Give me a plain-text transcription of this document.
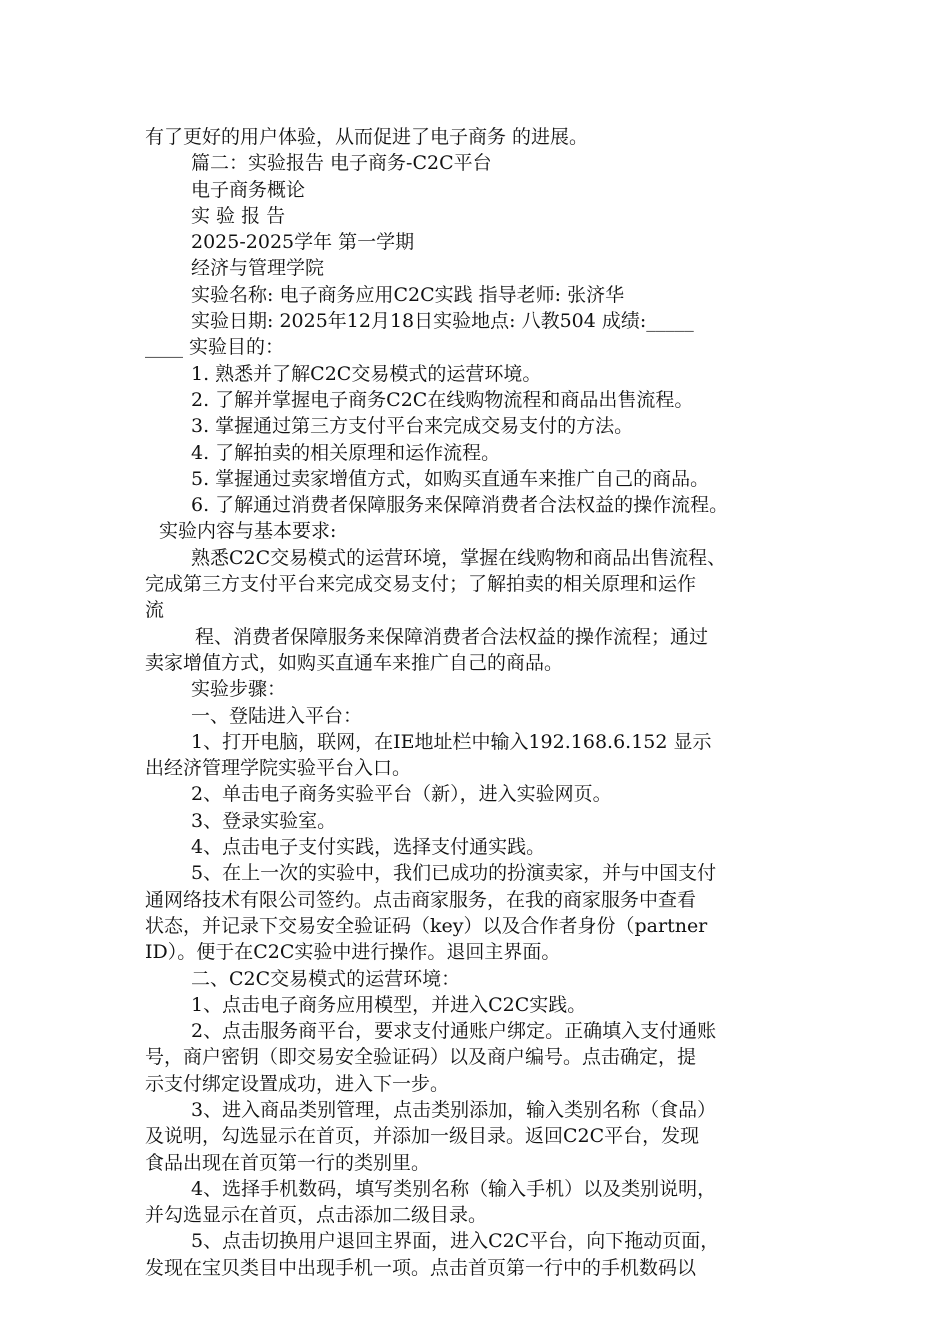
有了更好的用户体验，从而促进了电子商务 的进展。
篇二：实验报告 电子商务-C2C平台
电子商务概论
实 验 报 告
2025-2025学年 第一学期
经济与管理学院
实验名称: 电子商务应用C2C实践 指导老师: 张济华
实验日期: 2025年12月18日实验地点: 八教504 成绩:_____
____ 实验目的：
1. 熟悉并了解C2C交易模式的运营环境。
2. 了解并掌握电子商务C2C在线购物流程和商品出售流程。
3. 掌握通过第三方支付平台来完成交易支付的方法。
4. 了解拍卖的相关原理和运作流程。
5. 掌握通过卖家增值方式，如购买直通车来推广自己的商品。
6. 了解通过消费者保障服务来保障消费者合法权益的操作流程。
实验内容与基本要求:
熟悉C2C交易模式的运营环境，掌握在线购物和商品出售流程、
完成第三方支付平台来完成交易支付；了解拍卖的相关原理和运作
流
程、消费者保障服务来保障消费者合法权益的操作流程；通过
卖家增值方式，如购买直通车来推广自己的商品。
实验步骤：
一、登陆进入平台：
1、打开电脑，联网，在IE地址栏中输入192.168.6.152 显示
出经济管理学院实验平台入口。
2、单击电子商务实验平台（新），进入实验网页。
3、登录实验室。
4、点击电子支付实践，选择支付通实践。
5、在上一次的实验中，我们已成功的扮演卖家，并与中国支付
通网络技术有限公司签约。点击商家服务，在我的商家服务中查看
状态，并记录下交易安全验证码（key）以及合作者身份（partner
ID）。便于在C2C实验中进行操作。退回主界面。
二、C2C交易模式的运营环境：
1、点击电子商务应用模型，并进入C2C实践。
2、点击服务商平台，要求支付通账户绑定。正确填入支付通账
号，商户密钥（即交易安全验证码）以及商户编号。点击确定，提
示支付绑定设置成功，进入下一步。
3、进入商品类别管理，点击类别添加，输入类别名称（食品）
及说明，勾选显示在首页，并添加一级目录。返回C2C平台，发现
食品出现在首页第一行的类别里。
4、选择手机数码，填写类别名称（输入手机）以及类别说明，
并勾选显示在首页，点击添加二级目录。
5、点击切换用户退回主界面，进入C2C平台，向下拖动页面，
发现在宝贝类目中出现手机一项。点击首页第一行中的手机数码以
